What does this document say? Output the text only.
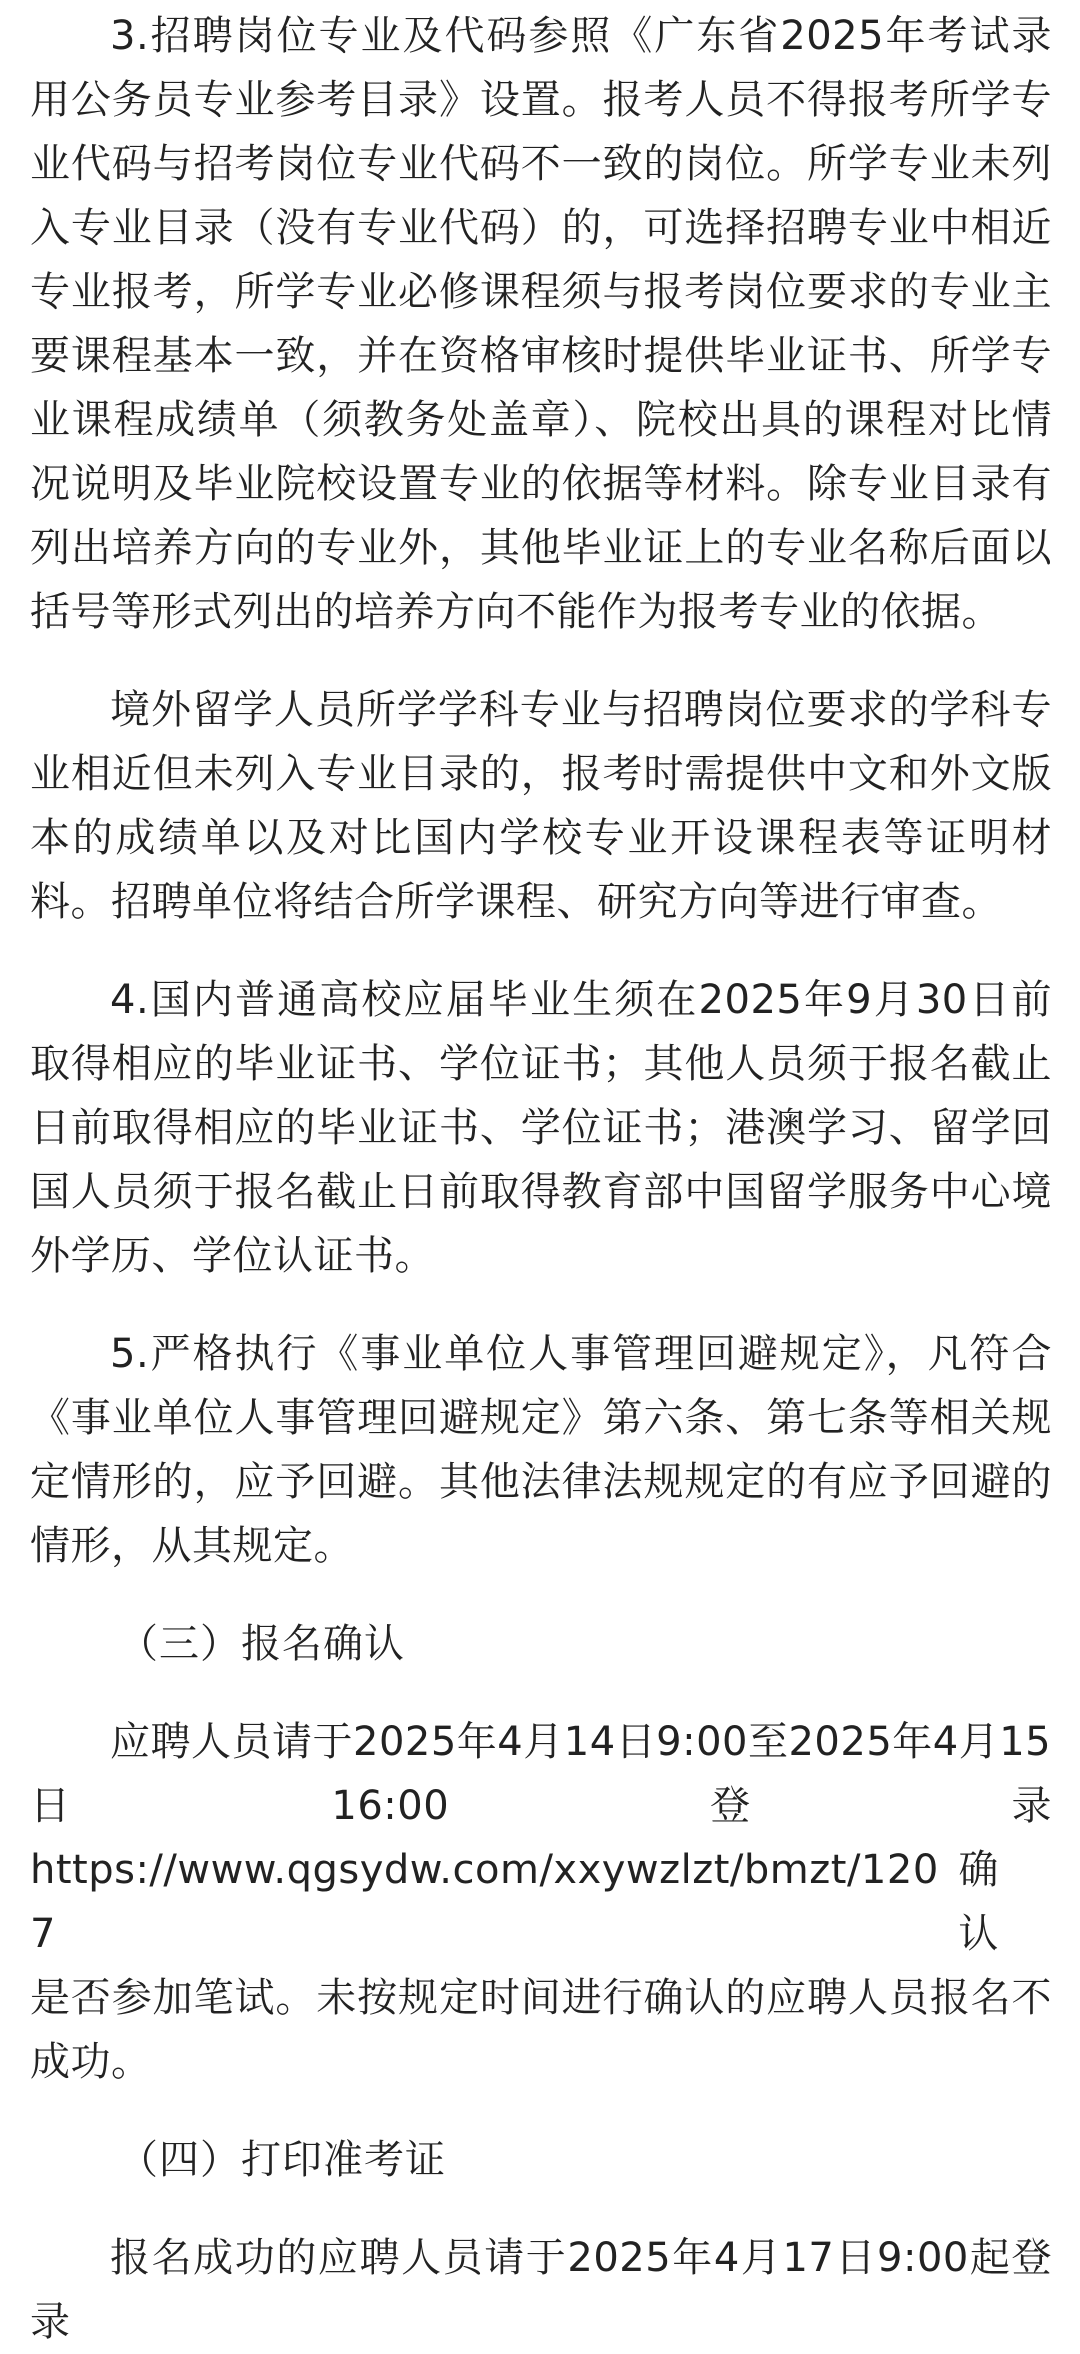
3.招聘岗位专业及代码参照《广东省2025年考试录用公务员专业参考目录》设置。报考人员不得报考所学专业代码与招考岗位专业代码不一致的岗位。所学专业未列入专业目录（没有专业代码）的，可选择招聘专业中相近专业报考，所学专业必修课程须与报考岗位要求的专业主要课程基本一致，并在资格审核时提供毕业证书、所学专业课程成绩单（须教务处盖章）、院校出具的课程对比情况说明及毕业院校设置专业的依据等材料。除专业目录有列出培养方向的专业外，其他毕业证上的专业名称后面以括号等形式列出的培养方向不能作为报考专业的依据。

境外留学人员所学学科专业与招聘岗位要求的学科专业相近但未列入专业目录的，报考时需提供中文和外文版本的成绩单以及对比国内学校专业开设课程表等证明材料。招聘单位将结合所学课程、研究方向等进行审查。

4.国内普通高校应届毕业生须在2025年9月30日前取得相应的毕业证书、学位证书；其他人员须于报名截止日前取得相应的毕业证书、学位证书；港澳学习、留学回国人员须于报名截止日前取得教育部中国留学服务中心境外学历、学位认证书。

5.严格执行《事业单位人事管理回避规定》，凡符合《事业单位人事管理回避规定》第六条、第七条等相关规定情形的，应予回避。其他法律法规规定的有应予回避的情形，从其规定。

（三）报名确认
应聘人员请于2025年4月14日9:00至2025年4月15
日	16:00	登	录
https://www.qgsydw.com/xxywzlzt/bmzt/1207
确 认
是否参加笔试。未按规定时间进行确认的应聘人员报名不成功。
（四）打印准考证

报名成功的应聘人员请于2025年4月17日9:00起登录
